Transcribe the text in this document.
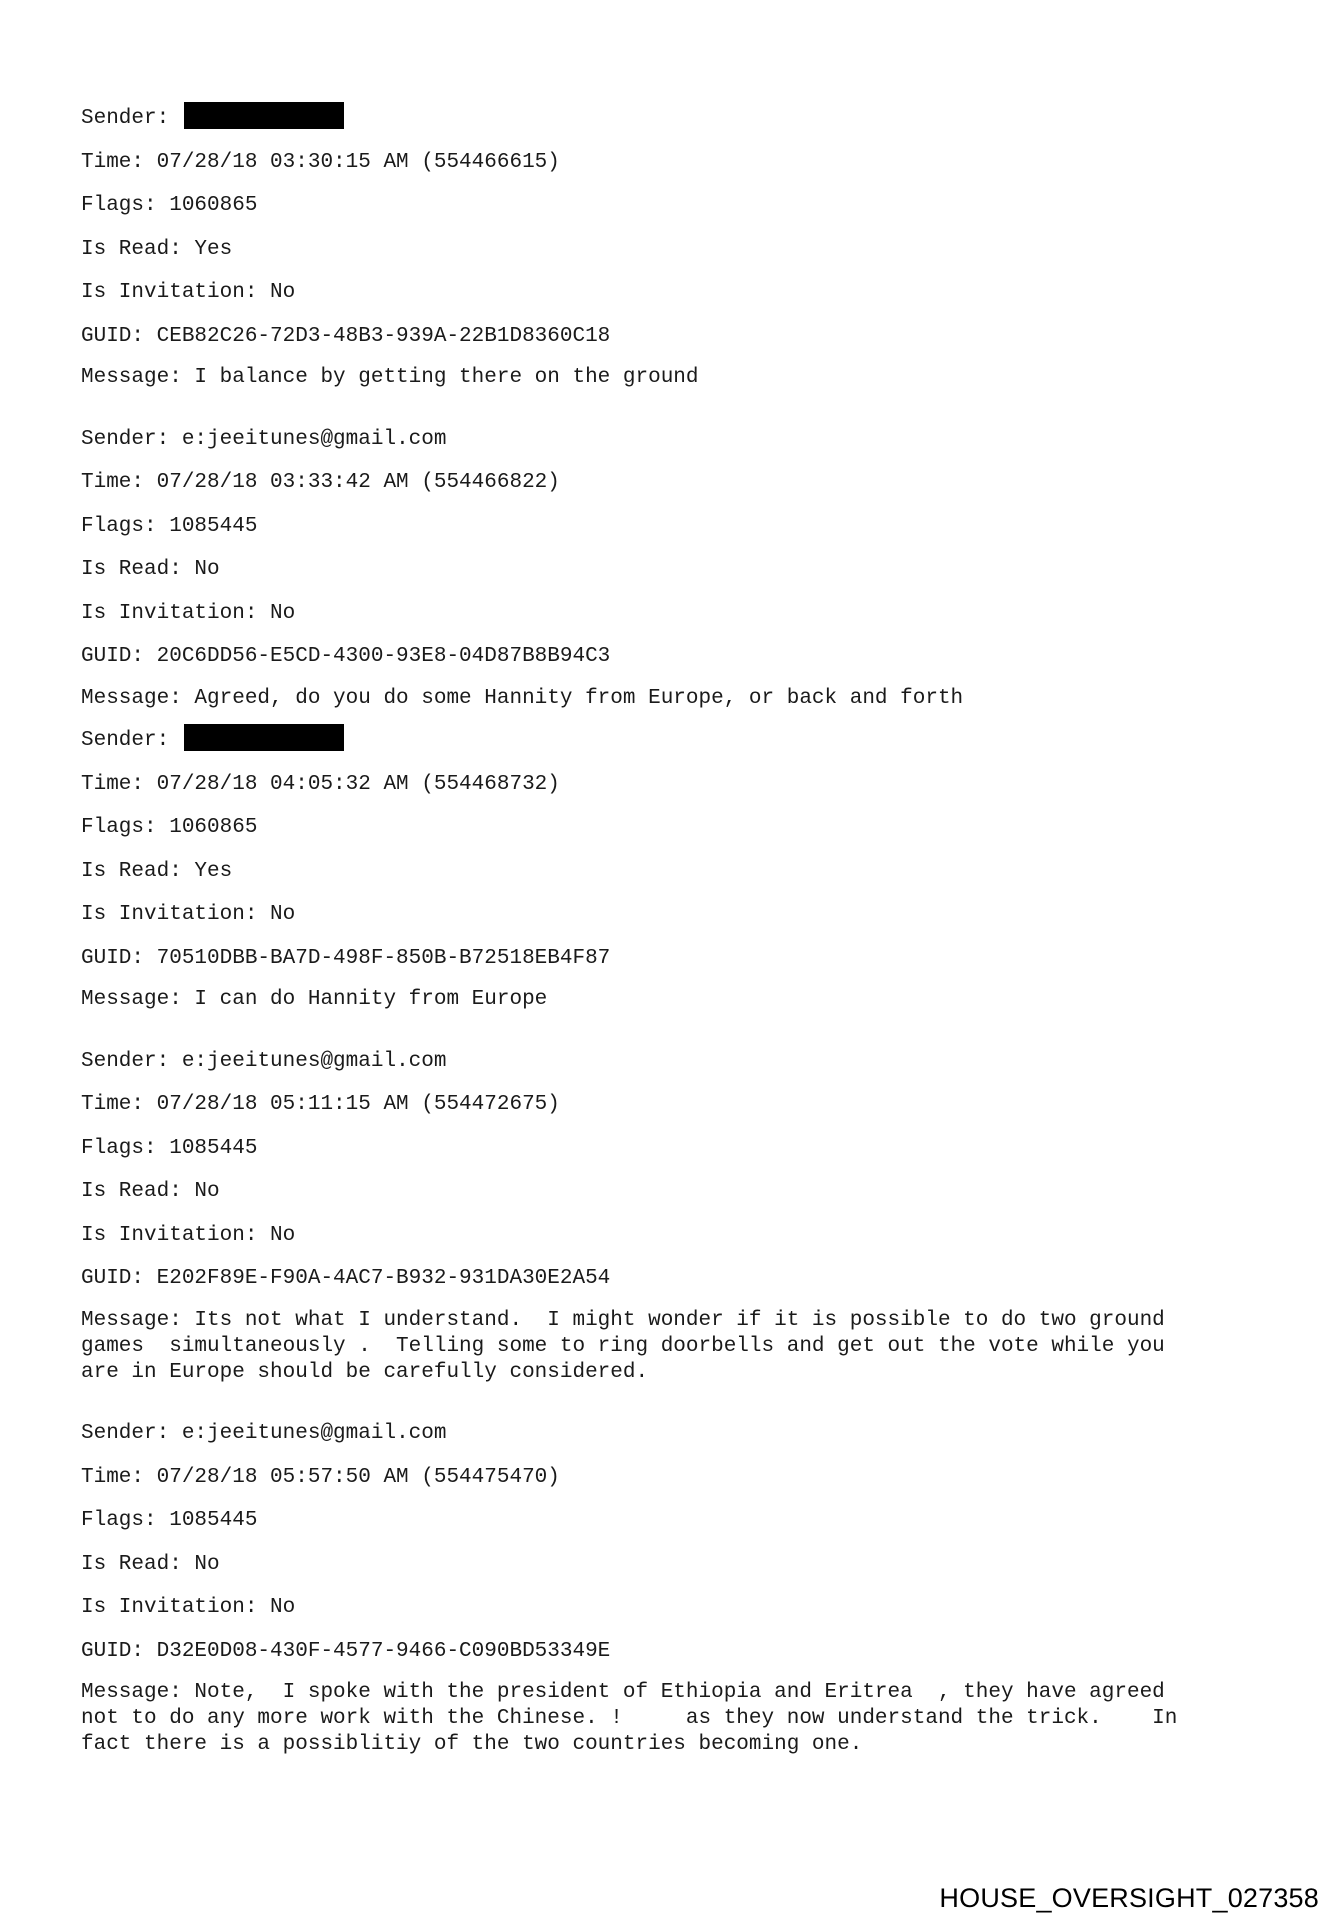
Sender:
Time: 07/28/18 03:30:15 AM (554466615)
Flags: 1060865
Is Read: Yes
Is Invitation: No
GUID: CEB82C26-72D3-48B3-939A-22B1D8360C18
Message: I balance by getting there on the ground
Sender: e:jeeitunes@gmail.com
Time: 07/28/18 03:33:42 AM (554466822)
Flags: 1085445
Is Read: No
Is Invitation: No
GUID: 20C6DD56-E5CD-4300-93E8-04D87B8B94C3
Message: Agreed, do you do some Hannity from Europe, or back and forth
Sender:
Time: 07/28/18 04:05:32 AM (554468732)
Flags: 1060865
Is Read: Yes
Is Invitation: No
GUID: 70510DBB-BA7D-498F-850B-B72518EB4F87
Message: I can do Hannity from Europe
Sender: e:jeeitunes@gmail.com
Time: 07/28/18 05:11:15 AM (554472675)
Flags: 1085445
Is Read: No
Is Invitation: No
GUID: E202F89E-F90A-4AC7-B932-931DA30E2A54
Message: Its not what I understand.  I might wonder if it is possible to do two ground
games  simultaneously .  Telling some to ring doorbells and get out the vote while you
are in Europe should be carefully considered.
Sender: e:jeeitunes@gmail.com
Time: 07/28/18 05:57:50 AM (554475470)
Flags: 1085445
Is Read: No
Is Invitation: No
GUID: D32E0D08-430F-4577-9466-C090BD53349E
Message: Note,  I spoke with the president of Ethiopia and Eritrea  , they have agreed
not to do any more work with the Chinese. !     as they now understand the trick.    In
fact there is a possiblitiy of the two countries becoming one.
HOUSE_OVERSIGHT_027358
